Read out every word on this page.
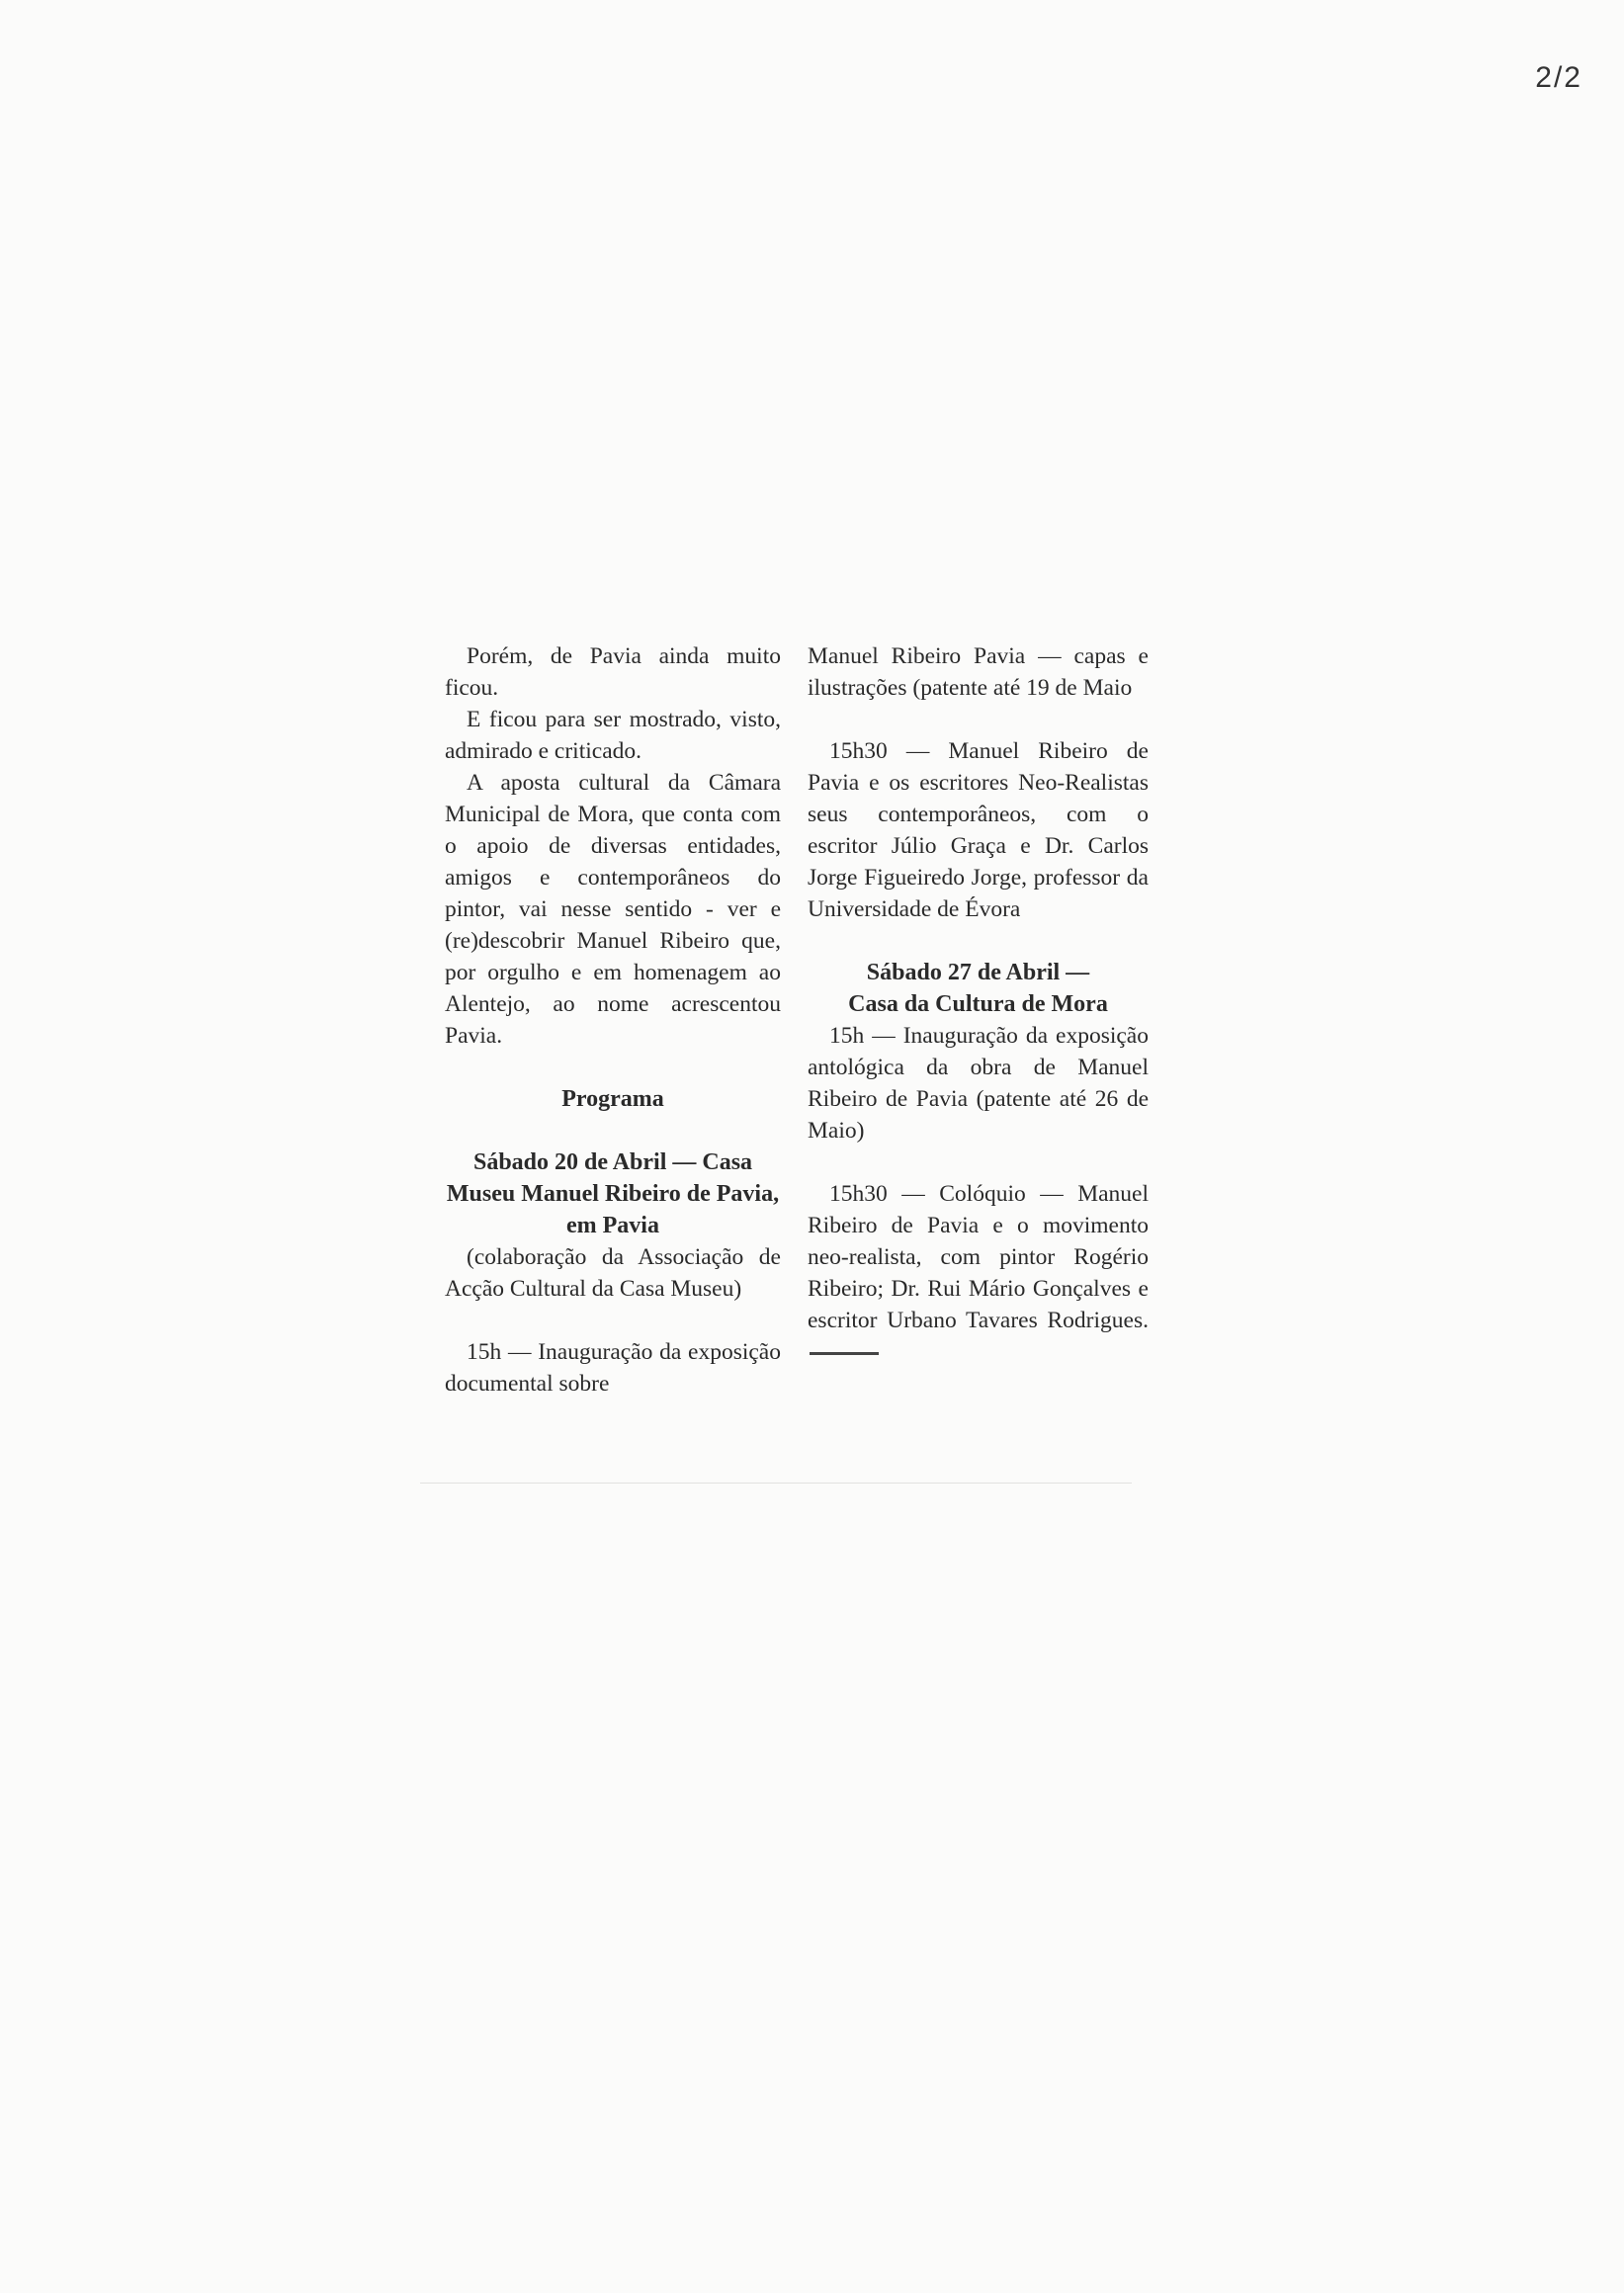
2/2

Porém, de Pavia ainda muito ficou.

E ficou para ser mostrado, visto, admirado e criticado.

A aposta cultural da Câmara Municipal de Mora, que conta com o apoio de diversas entidades, amigos e contemporâneos do pintor, vai nesse sentido - ver e (re)descobrir Manuel Ribeiro que, por orgulho e em homenagem ao Alentejo, ao nome acrescentou Pavia.

Programa

Sábado 20 de Abril — Casa Museu Manuel Ribeiro de Pavia, em Pavia

(colaboração da Associação de Acção Cultural da Casa Museu)

15h — Inauguração da exposição documental sobre

Manuel Ribeiro Pavia — capas e ilustrações (patente até 19 de Maio

15h30 — Manuel Ribeiro de Pavia e os escritores Neo-Realistas seus contemporâneos, com o escritor Júlio Graça e Dr. Carlos Jorge Figueiredo Jorge, professor da Universidade de Évora

Sábado 27 de Abril —

Casa da Cultura de Mora

15h — Inauguração da exposição antológica da obra de Manuel Ribeiro de Pavia (patente até 26 de Maio)

15h30 — Colóquio — Manuel Ribeiro de Pavia e o movimento neo-realista, com pintor Rogério Ribeiro; Dr. Rui Mário Gonçalves e escritor Urbano Tavares Rodrigues.
